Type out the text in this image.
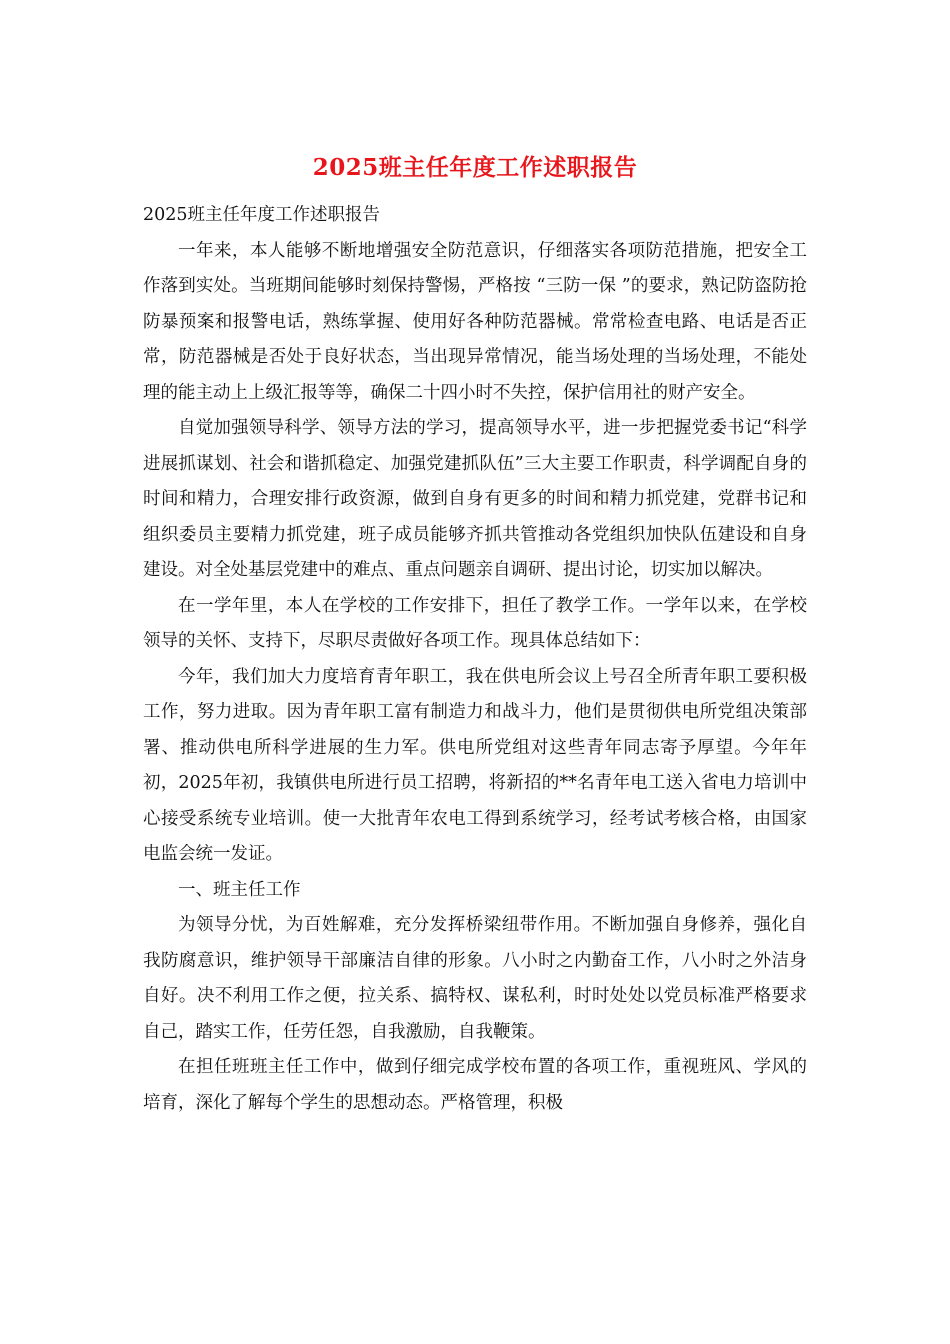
2025班主任年度工作述职报告

2025班主任年度工作述职报告

一年来，本人能够不断地增强安全防范意识，仔细落实各项防范措施，把安全工作落到实处。当班期间能够时刻保持警惕，严格按 “三防一保 ”的要求，熟记防盗防抢防暴预案和报警电话，熟练掌握、使用好各种防范器械。常常检查电路、电话是否正常，防范器械是否处于良好状态，当出现异常情况，能当场处理的当场处理，不能处理的能主动上上级汇报等等，确保二十四小时不失控，保护信用社的财产安全。

自觉加强领导科学、领导方法的学习，提高领导水平，进一步把握党委书记“科学进展抓谋划、社会和谐抓稳定、加强党建抓队伍”三大主要工作职责，科学调配自身的时间和精力，合理安排行政资源，做到自身有更多的时间和精力抓党建，党群书记和组织委员主要精力抓党建，班子成员能够齐抓共管推动各党组织加快队伍建设和自身建设。对全处基层党建中的难点、重点问题亲自调研、提出讨论，切实加以解决。

在一学年里，本人在学校的工作安排下，担任了教学工作。一学年以来，在学校领导的关怀、支持下，尽职尽责做好各项工作。现具体总结如下：

今年，我们加大力度培育青年职工，我在供电所会议上号召全所青年职工要积极工作，努力进取。因为青年职工富有制造力和战斗力，他们是贯彻供电所党组决策部署、推动供电所科学进展的生力军。供电所党组对这些青年同志寄予厚望。今年年初，2025年初，我镇供电所进行员工招聘，将新招的**名青年电工送入省电力培训中心接受系统专业培训。使一大批青年农电工得到系统学习，经考试考核合格，由国家电监会统一发证。

一、班主任工作

为领导分忧，为百姓解难，充分发挥桥梁纽带作用。不断加强自身修养，强化自我防腐意识，维护领导干部廉洁自律的形象。八小时之内勤奋工作，八小时之外洁身自好。决不利用工作之便，拉关系、搞特权、谋私利，时时处处以党员标准严格要求自己，踏实工作，任劳任怨，自我激励，自我鞭策。

在担任班班主任工作中，做到仔细完成学校布置的各项工作，重视班风、学风的培育，深化了解每个学生的思想动态。严格管理，积极
